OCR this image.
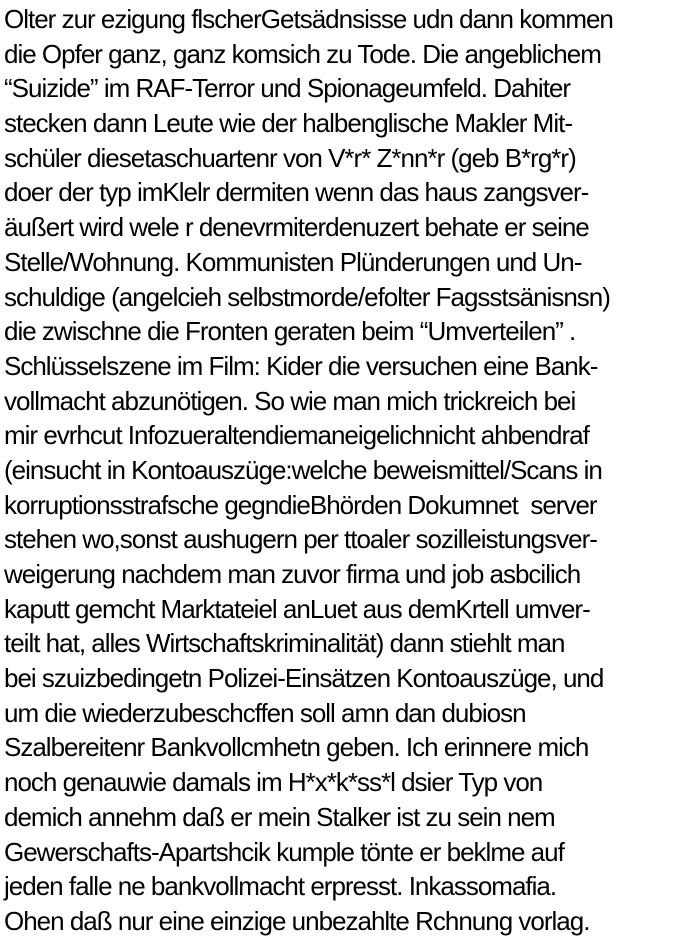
Olter zur ezigung flscherGetsädnsisse udn dann kommen
die Opfer ganz, ganz komsich zu Tode. Die angeblichem
“Suizide” im RAF-Terror und Spionageumfeld. Dahiter
stecken dann Leute wie der halbenglische Makler Mit-
schüler diesetaschuartenr von V*r* Z*nn*r (geb B*rg*r)
doer der typ imKlelr dermiten wenn das haus zangsver-
äußert wird wele r denevrmiterdenuzert behate er seine
Stelle/Wohnung. Kommunisten Plünderungen und Un-
schuldige (angelcieh selbstmorde/efolter Fagsstsänisnsn)
die zwischne die Fronten geraten beim “Umverteilen” .
Schlüsselszene im Film: Kider die versuchen eine Bank-
vollmacht abzunötigen. So wie man mich trickreich bei
mir evrhcut Infozueraltendiemaneigelichnicht ahbendraf
(einsucht in Kontoauszüge:welche beweismittel/Scans in
korruptionsstrafsche gegndieBhörden Dokumnet  server
stehen wo,sonst aushugern per ttoaler sozilleistungsver-
weigerung nachdem man zuvor firma und job asbcilich
kaputt gemcht Marktateiel anLuet aus demKrtell umver-
teilt hat, alles Wirtschaftskriminalität) dann stiehlt man
bei szuizbedingetn Polizei-Einsätzen Kontoauszüge, und
um die wiederzubeschcffen soll amn dan dubiosn
Szalbereitenr Bankvollcmhetn geben. Ich erinnere mich
noch genauwie damals im H*x*k*ss*l dsier Typ von
demich annehm daß er mein Stalker ist zu sein nem
Gewerschafts-Apartshcik kumple tönte er beklme auf
jeden falle ne bankvollmacht erpresst. Inkassomafia.
Ohen daß nur eine einzige unbezahlte Rchnung vorlag.
